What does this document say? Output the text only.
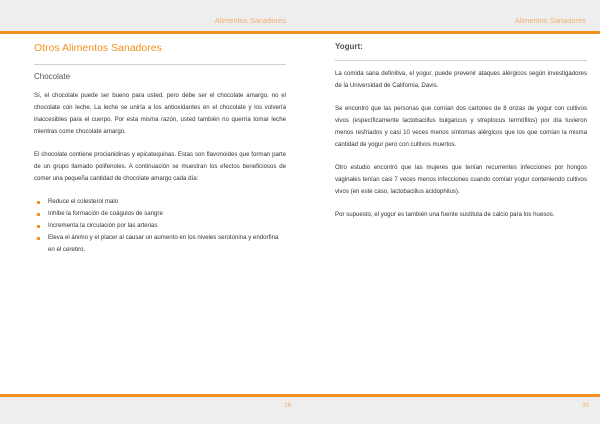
Alimentos Sanadores
Otros Alimentos Sanadores
Chocolate

Sí, el chocolate puede ser bueno para usted, pero debe ser el chocolate amargo, no el chocolate con leche. La leche se uniría a los antioxidantes en el chocolate y los volvería inaccesibles para el cuerpo. Por esta misma razón, usted también no querría tomar leche mientras come chocolate amargo.

El chocolate contiene procianidinas y epicatequinas. Estas son flavonoides que forman parte de un grupo llamado polifenoles. A continuación se muestran los efectos beneficiosos de comer una pequeña cantidad de chocolate amargo cada día:

Reduce el colesterol malo
Inhibe la formación de coágulos de sangre
Incrementa la circulación por las arterias
Eleva el ánimo y el placer al causar un aumento en los niveles serotonina y endorfina en el cerebro.
28
Alimentos Sanadores
Yogurt:

La comida sana definitiva, el yogur, puede prevenir ataques alérgicos según investigadores de la Universidad de California, Davis.

Se encontró que las personas que comían dos cartones de 8 onzas de yogur con cultivos vivos (específicamente lactobacillus bulgaricus y streptocus termófilos) por día tuvieron menos resfriados y casi 10 veces menos síntomas alérgicos que los que comían la misma cantidad de yogur pero con cultivos muertos.

Otro estudio encontró que las mujeres que tenían recurrentes infecciones por hongos vaginales tenían casi 7 veces menos infecciones cuando comían yogur conteniendo cultivos vivos (en este caso, lactobacillus acidophilus).

Por supuesto, el yogur es también una fuente sustituta de calcio para los huesos.

30
